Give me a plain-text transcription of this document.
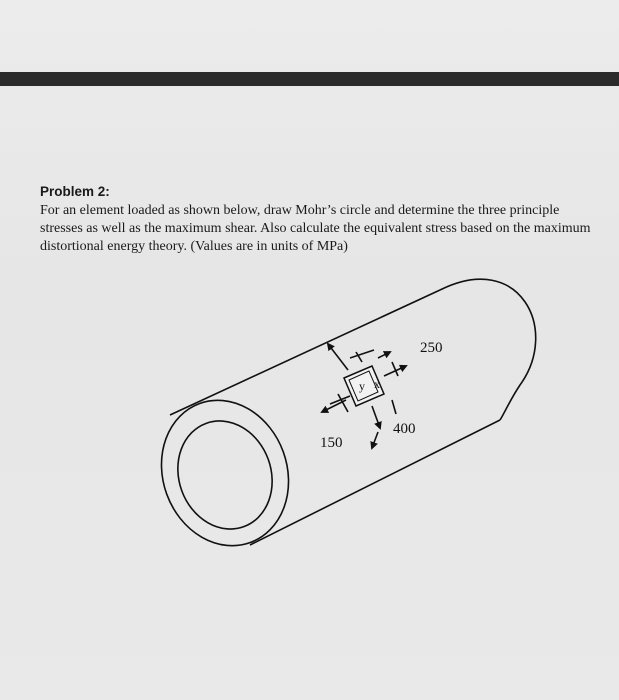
Problem 2:

For an element loaded as shown below, draw Mohr’s circle and determine the three principle stresses as well as the maximum shear. Also calculate the equivalent stress based on the maximum distortional energy theory. (Values are in units of MPa)

y x
250
400
150
